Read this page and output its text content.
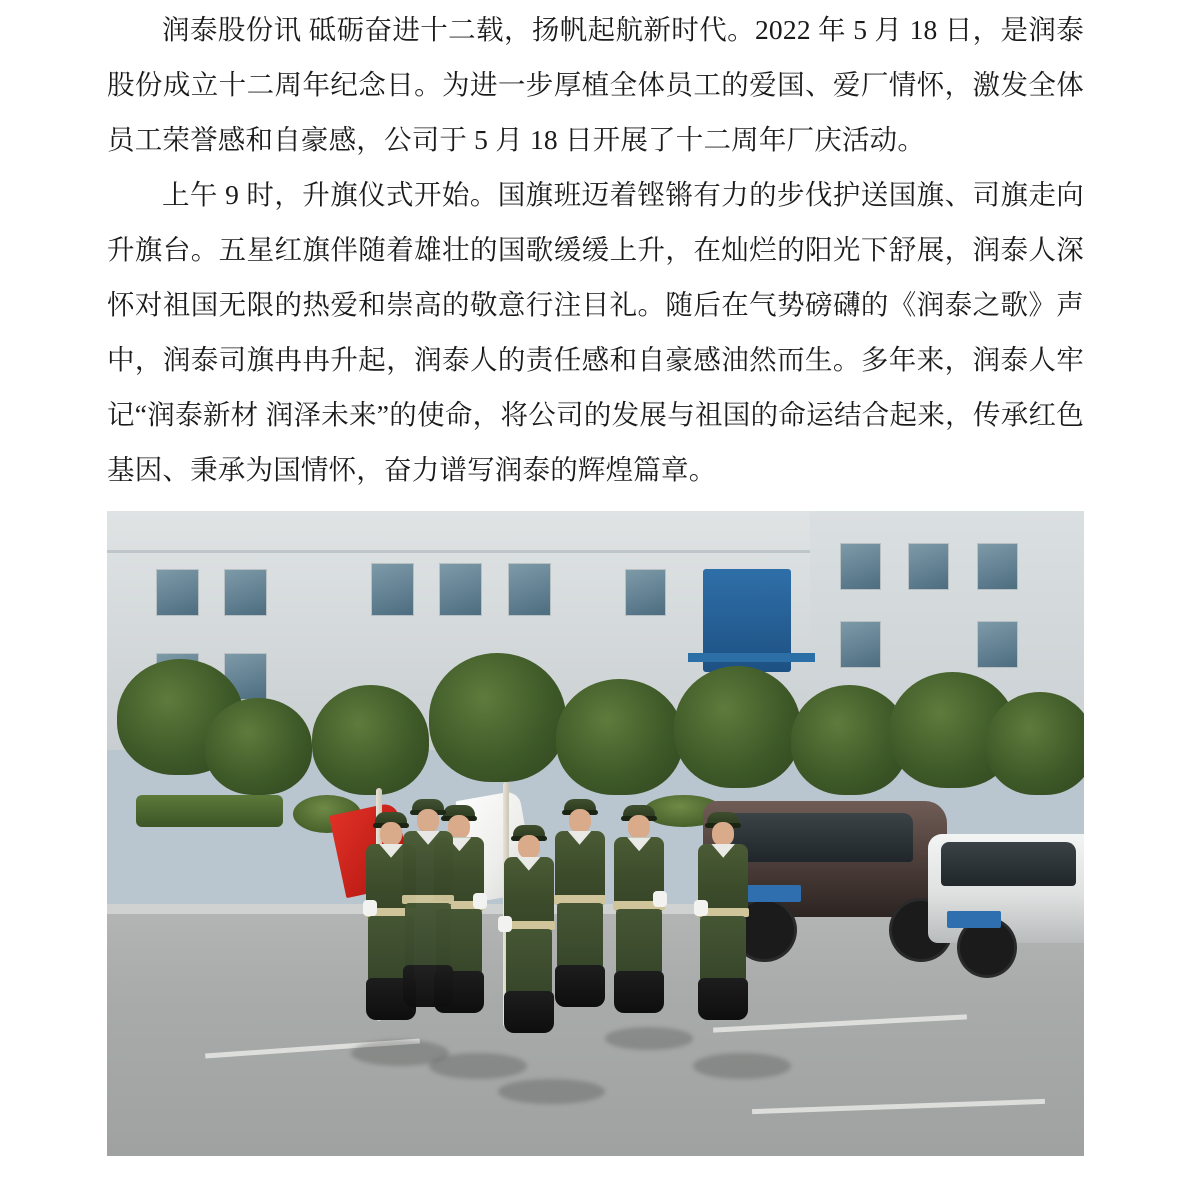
润泰股份讯 砥砺奋进十二载，扬帆起航新时代。2022 年 5 月 18 日，是润泰股份成立十二周年纪念日。为进一步厚植全体员工的爱国、爱厂情怀，激发全体员工荣誉感和自豪感，公司于 5 月 18 日开展了十二周年厂庆活动。

上午 9 时，升旗仪式开始。国旗班迈着铿锵有力的步伐护送国旗、司旗走向升旗台。五星红旗伴随着雄壮的国歌缓缓上升，在灿烂的阳光下舒展，润泰人深怀对祖国无限的热爱和崇高的敬意行注目礼。随后在气势磅礴的《润泰之歌》声中，润泰司旗冉冉升起，润泰人的责任感和自豪感油然而生。多年来，润泰人牢记“润泰新材 润泽未来”的使命，将公司的发展与祖国的命运结合起来，传承红色基因、秉承为国情怀，奋力谱写润泰的辉煌篇章。
